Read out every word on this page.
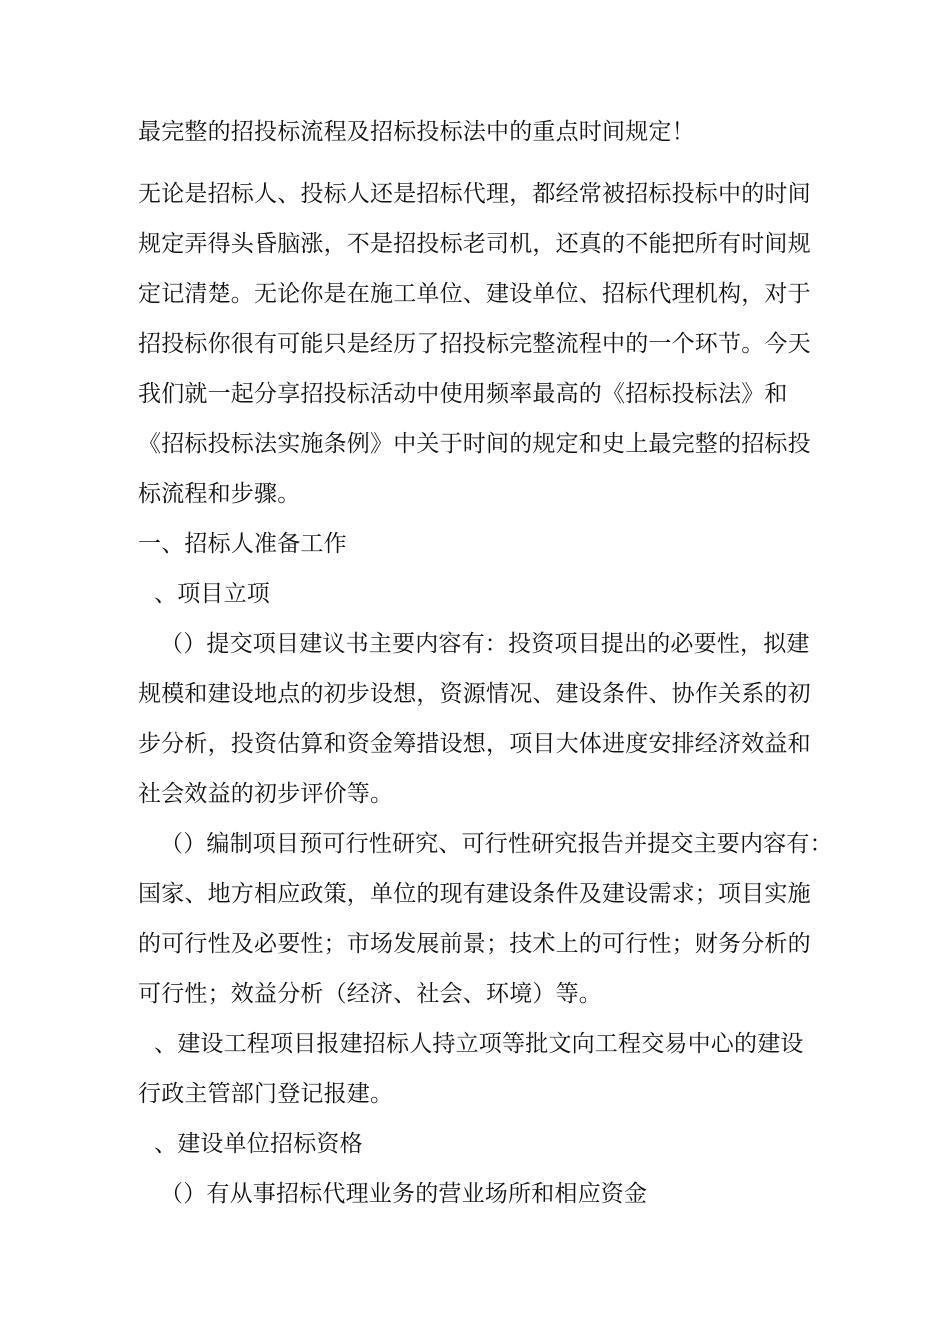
最完整的招投标流程及招标投标法中的重点时间规定！
无论是招标人、投标人还是招标代理，都经常被招标投标中的时间
规定弄得头昏脑涨，不是招投标老司机，还真的不能把所有时间规
定记清楚。无论你是在施工单位、建设单位、招标代理机构，对于
招投标你很有可能只是经历了招投标完整流程中的一个环节。今天
我们就一起分享招投标活动中使用频率最高的《招标投标法》和
《招标投标法实施条例》中关于时间的规定和史上最完整的招标投
标流程和步骤。
一、招标人准备工作
、项目立项
（）提交项目建议书主要内容有：投资项目提出的必要性，拟建
规模和建设地点的初步设想，资源情况、建设条件、协作关系的初
步分析，投资估算和资金筹措设想，项目大体进度安排经济效益和
社会效益的初步评价等。
（）编制项目预可行性研究、可行性研究报告并提交主要内容有：
国家、地方相应政策，单位的现有建设条件及建设需求；项目实施
的可行性及必要性；市场发展前景；技术上的可行性；财务分析的
可行性；效益分析（经济、社会、环境）等。
、建设工程项目报建招标人持立项等批文向工程交易中心的建设
行政主管部门登记报建。
、建设单位招标资格
（）有从事招标代理业务的营业场所和相应资金
